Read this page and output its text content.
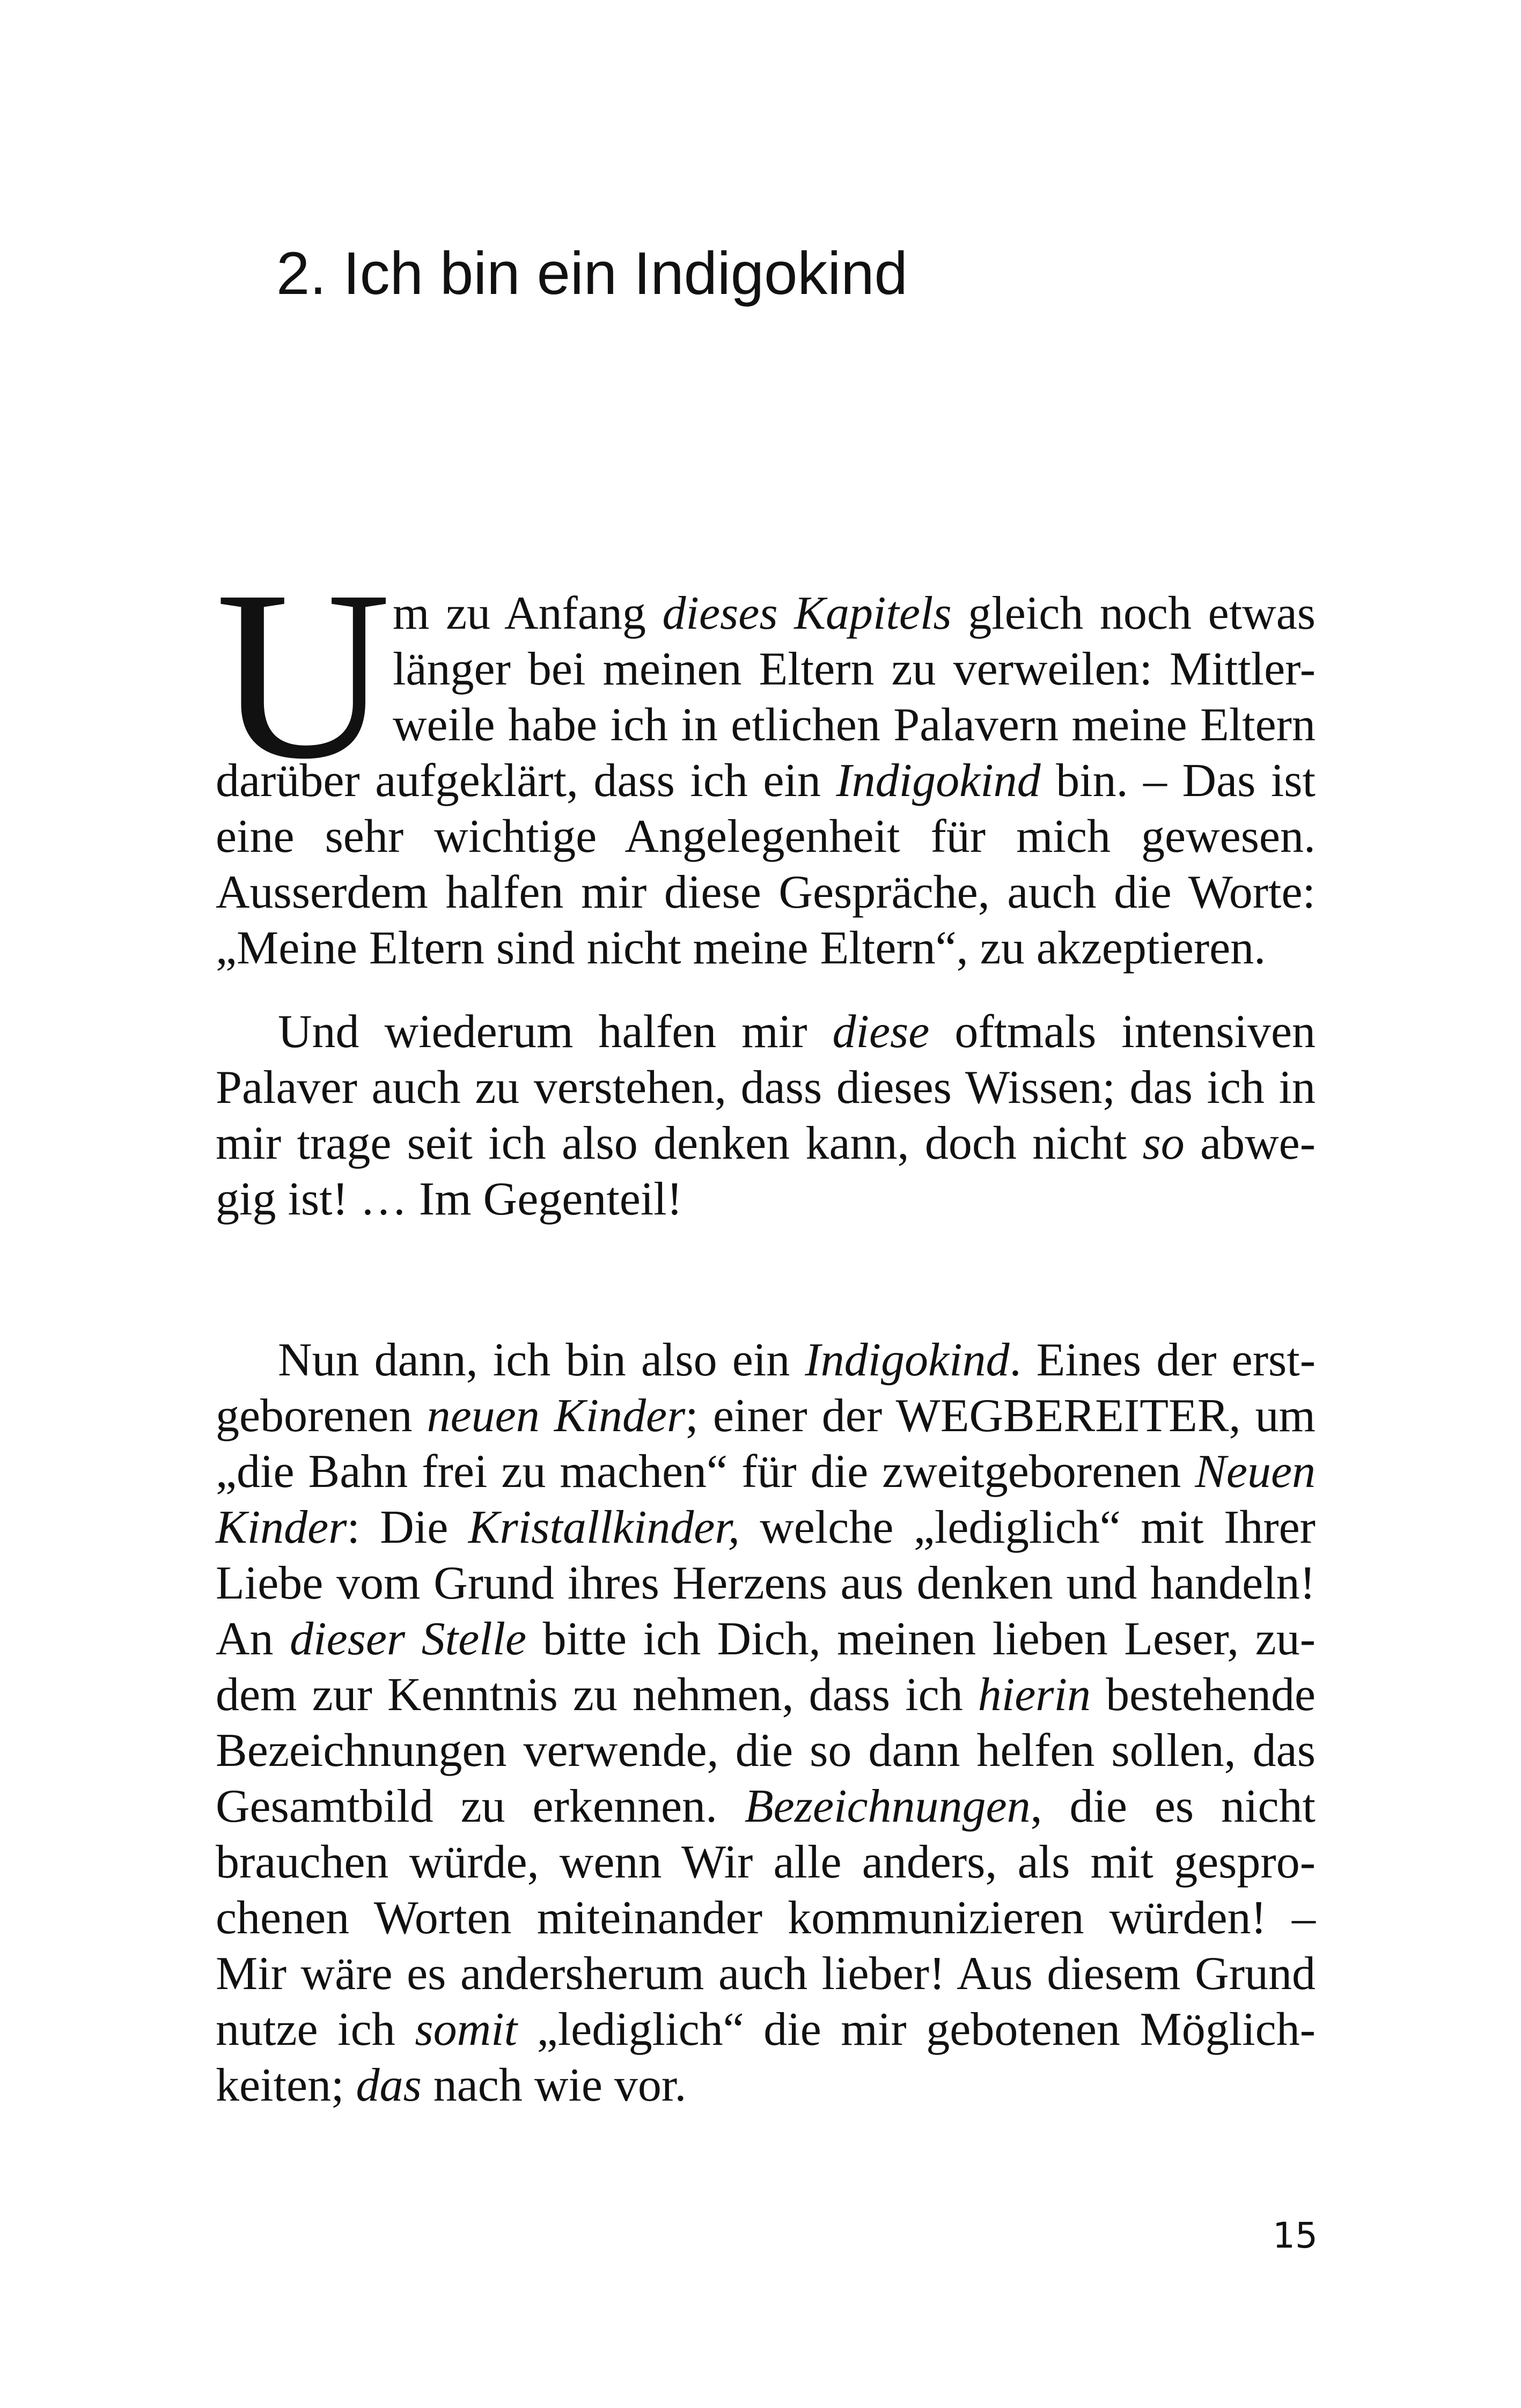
2. Ich bin ein Indigokind
U m zu Anfang dieses Kapitels gleich noch etwas
länger bei meinen Eltern zu verweilen: Mittler-
weile habe ich in etlichen Palavern meine Eltern
darüber aufgeklärt, dass ich ein Indigokind bin. – Das ist
eine sehr wichtige Angelegenheit für mich gewesen.
Ausserdem halfen mir diese Gespräche, auch die Worte:
„Meine Eltern sind nicht meine Eltern“, zu akzeptieren.
Und wiederum halfen mir diese oftmals intensiven
Palaver auch zu verstehen, dass dieses Wissen; das ich in
mir trage seit ich also denken kann, doch nicht so abwe-
gig ist! … Im Gegenteil!
Nun dann, ich bin also ein Indigokind. Eines der erst-
geborenen neuen Kinder; einer der WEGBEREITER, um
„die Bahn frei zu machen“ für die zweitgeborenen Neuen
Kinder: Die Kristallkinder, welche „lediglich“ mit Ihrer
Liebe vom Grund ihres Herzens aus denken und handeln!
An dieser Stelle bitte ich Dich, meinen lieben Leser, zu-
dem zur Kenntnis zu nehmen, dass ich hierin bestehende
Bezeichnungen verwende, die so dann helfen sollen, das
Gesamtbild zu erkennen. Bezeichnungen, die es nicht
brauchen würde, wenn Wir alle anders, als mit gespro-
chenen Worten miteinander kommunizieren würden! –
Mir wäre es andersherum auch lieber! Aus diesem Grund
nutze ich somit „lediglich“ die mir gebotenen Möglich-
keiten; das nach wie vor.
15
